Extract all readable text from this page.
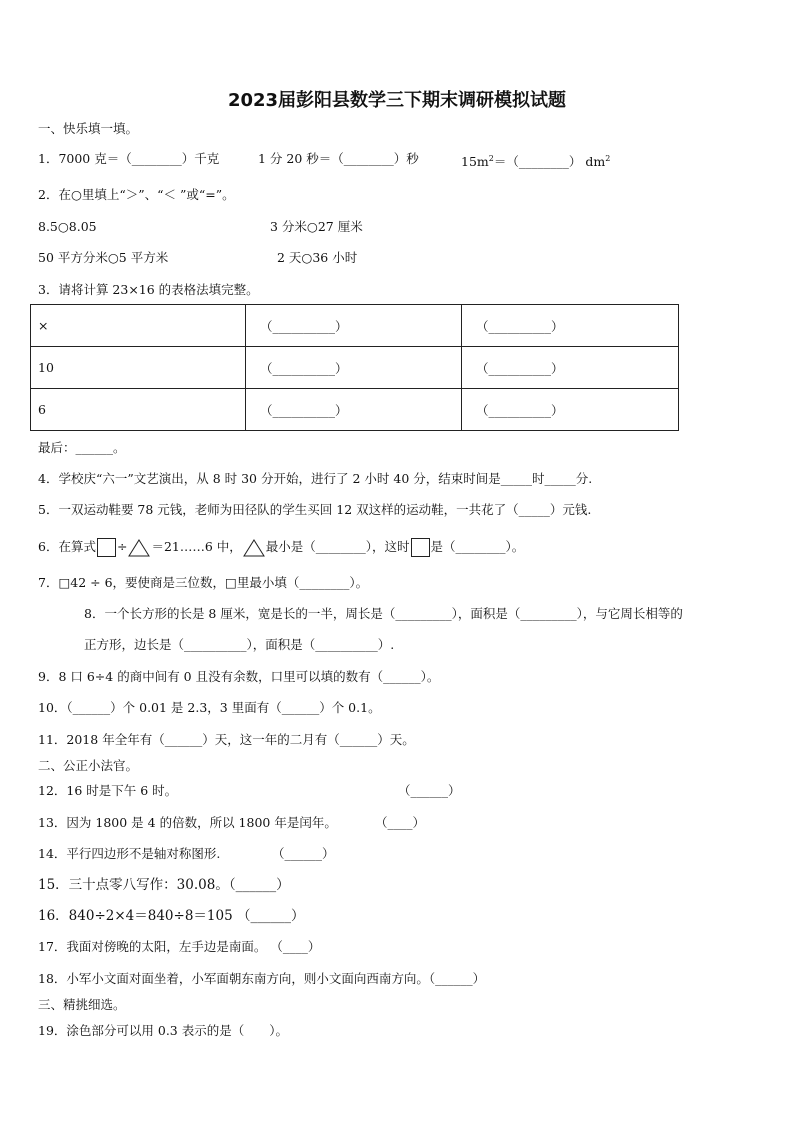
2023届彭阳县数学三下期末调研模拟试题
一、快乐填一填。
1．7000 克＝（________）千克	1 分 20 秒＝（________）秒	$15m^2=(\_\_\_\_\_\_\_\_)$ $dm^2$
2．在○里填上“＞”、“＜ ”或“=”。
8.5○8.05	3 分米○27 厘米
50 平方分米○5 平方米	2 天○36 小时
3．请将计算 23×16 的表格法填完整。
×	（__________）	（__________）
10	（__________）	（__________）
6	（__________）	（__________）
最后：______。
4．学校庆“六一”文艺演出，从 8 时 30 分开始，进行了 2 小时 40 分，结束时间是_____时_____分.
5．一双运动鞋要 78 元钱，老师为田径队的学生买回 12 双这样的运动鞋，一共花了（_____）元钱.
6．在算式 ÷ ＝21……6 中， 最小是（________），这时 是（________）。
7．□42 ÷ 6，要使商是三位数，□里最小填（________）。
8．一个长方形的长是 8 厘米，宽是长的一半，周长是（_________），面积是（_________），与它周长相等的
正方形，边长是（__________），面积是（__________）.
9．8 口 6÷4 的商中间有 0 且没有余数，口里可以填的数有（______）。
10．（______）个 0.01 是 2.3，3 里面有（______）个 0.1。
11．2018 年全年有（______）天，这一年的二月有（______）天。
二、公正小法官。
12．16 时是下午 6 时。	（______）
13．因为 1800 是 4 的倍数，所以 1800 年是闰年。	（____）
14．平行四边形不是轴对称图形.	（______）
15．三十点零八写作：30.08。（______）
16．840÷2×4＝840÷8＝105 （______）
17．我面对傍晚的太阳，左手边是南面。 （____）
18．小军小文面对面坐着，小军面朝东南方向，则小文面向西南方向。（______）
三、精挑细选。
19．涂色部分可以用 0.3 表示的是（　　）。
